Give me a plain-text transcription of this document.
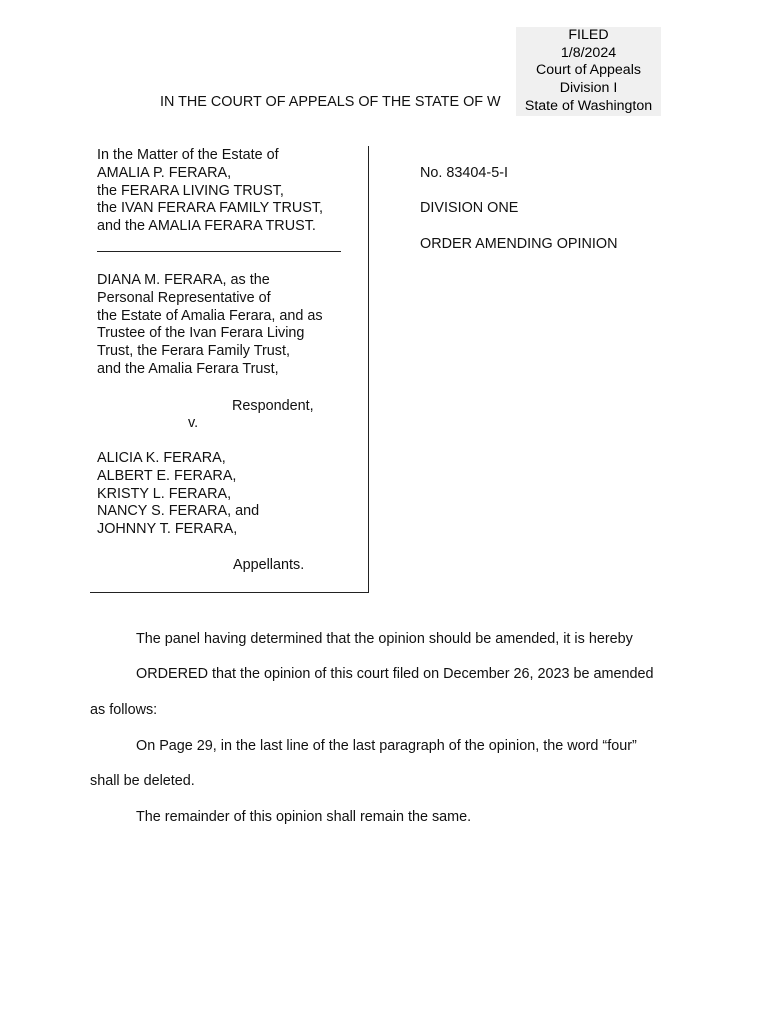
IN THE COURT OF APPEALS OF THE STATE OF W
FILED
1/8/2024
Court of Appeals
Division I
State of Washington
In the Matter of the Estate of
AMALIA P. FERARA,
the FERARA LIVING TRUST,
the IVAN FERARA FAMILY TRUST,
and the AMALIA FERARA TRUST.
DIANA M. FERARA, as the
Personal Representative of
the Estate of Amalia Ferara, and as
Trustee of the Ivan Ferara Living
Trust, the Ferara Family Trust,
and the Amalia Ferara Trust,
Respondent,
v.
ALICIA K. FERARA,
ALBERT E. FERARA,
KRISTY L. FERARA,
NANCY S. FERARA, and
JOHNNY T. FERARA,
Appellants.
No. 83404-5-I
DIVISION ONE
ORDER AMENDING OPINION
The panel having determined that the opinion should be amended, it is hereby
ORDERED that the opinion of this court filed on December 26, 2023 be amended
as follows:
On Page 29, in the last line of the last paragraph of the opinion, the word “four”
shall be deleted.
The remainder of this opinion shall remain the same.
